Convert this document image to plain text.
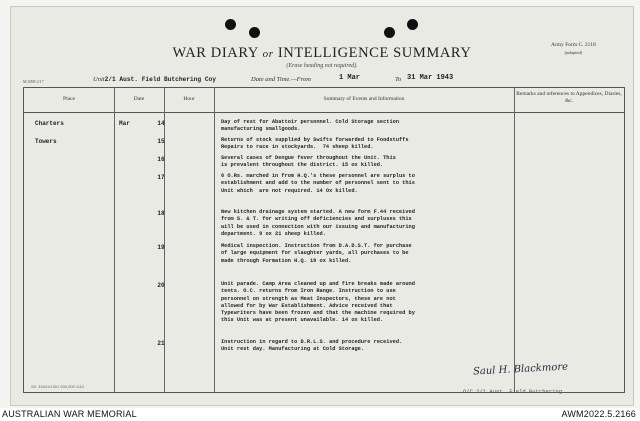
WAR DIARY or INTELLIGENCE SUMMARY
(Erase heading not required).
Army Form C. 2118
(adapted)
M.3098 2/17	Unit2/1 Aust. Field Butchering Coy	Date and Time.—From	1 Mar	To 31 Mar 1943
Place	Date	Hour	Summary of Events and Information
Remarks and references to Appendices, Diaries, &c.
Charters	Mar	14	Day of rest for Abattoir personnel. Cold Storage section
manufacturing smallgoods.
Towers	15	Returns of stock supplied by Swifts forwarded to Foodstuffs
Repairs to race in stockyards.  74 sheep killed.
16	Several cases of Dengue fever throughout the Unit. This
is prevalent throughout the district. 15 ox killed.
17	6 O.Rs. marched in from H.Q.'s these personnel are surplus to
establishment and add to the number of personnel sent to this
Unit which  are not required. 14 Ox killed.
18	New kitchen drainage system started. A new form F.44 received
from S. & T. for writing off deficiencies and surpluses this
will be used in connection with our issuing and manufacturing
department. 9 ox 21 sheep killed.
19	Medical inspection. Instruction from D.A.D.S.T. for purchase
of large equipment for slaughter yards, all purchases to be
made through Formation H.Q. 19 ox killed.
20	Unit parade. Camp Area cleaned up and fire breaks made around
tents. O.C. returns from Iron Range. Instruction to use
personnel on strength as Meat Inspectors, these are not
allowed for by War Establishment. Advice received that
Typewriters have been frozen and that the machine required by
this Unit was at present unavailable. 14 ox killed.
21	Instruction in regard to D.R.L.S. and procedure received.
Unit rest day. Manufacturing at Cold Storage.
Saul H. Blackmore
O/C 2/1 Aust. Field Butchering
Wt. 31541/1391 500,000 1/43
AUSTRALIAN WAR MEMORIAL	AWM2022.5.2166
